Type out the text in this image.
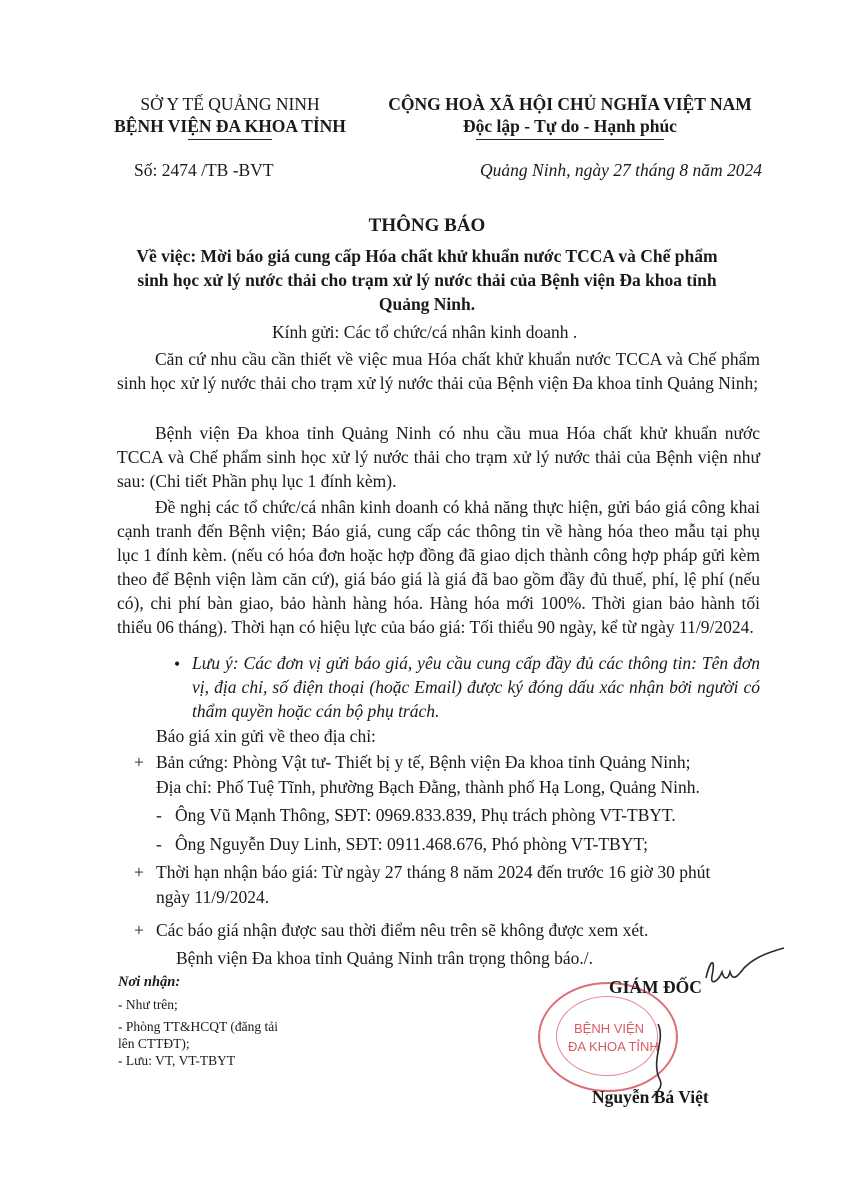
SỞ Y TẾ QUẢNG NINH
BỆNH VIỆN ĐA KHOA TỈNH
CỘNG HOÀ XÃ HỘI CHỦ NGHĨA VIỆT NAM
Độc lập - Tự do - Hạnh phúc
Số: 2474 /TB -BVT	Quảng Ninh, ngày 27 tháng 8 năm 2024
THÔNG BÁO
Về việc: Mời báo giá cung cấp Hóa chất khử khuẩn nước TCCA và Chế phẩm
sinh học xử lý nước thải cho trạm xử lý nước thải của Bệnh viện Đa khoa tỉnh
Quảng Ninh.
Kính gửi: Các tổ chức/cá nhân kinh doanh .
Căn cứ nhu cầu cần thiết về việc mua Hóa chất khử khuẩn nước TCCA và Chế phẩm sinh học xử lý nước thải cho trạm xử lý nước thải của Bệnh viện Đa khoa tỉnh Quảng Ninh;
Bệnh viện Đa khoa tỉnh Quảng Ninh có nhu cầu mua Hóa chất khử khuẩn nước TCCA và Chế phẩm sinh học xử lý nước thải cho trạm xử lý nước thải của Bệnh viện như sau: (Chi tiết Phần phụ lục 1 đính kèm).
Đề nghị các tổ chức/cá nhân kinh doanh có khả năng thực hiện, gửi báo giá công khai cạnh tranh đến Bệnh viện; Báo giá, cung cấp các thông tin về hàng hóa theo mẫu tại phụ lục 1 đính kèm. (nếu có hóa đơn hoặc hợp đồng đã giao dịch thành công hợp pháp gửi kèm theo để Bệnh viện làm căn cứ), giá báo giá là giá đã bao gồm đầy đủ thuế, phí, lệ phí (nếu có), chi phí bàn giao, bảo hành hàng hóa. Hàng hóa mới 100%. Thời gian bảo hành tối thiểu 06 tháng). Thời hạn có hiệu lực của báo giá: Tối thiểu 90 ngày, kể từ ngày 11/9/2024.
• Lưu ý: Các đơn vị gửi báo giá, yêu cầu cung cấp đầy đủ các thông tin: Tên đơn vị, địa chỉ, số điện thoại (hoặc Email) được ký đóng dấu xác nhận bởi người có thẩm quyền hoặc cán bộ phụ trách.
Báo giá xin gửi về theo địa chỉ:
+ Bản cứng: Phòng Vật tư- Thiết bị y tế, Bệnh viện Đa khoa tỉnh Quảng Ninh;
Địa chỉ: Phố Tuệ Tĩnh, phường Bạch Đằng, thành phố Hạ Long, Quảng Ninh.
- Ông Vũ Mạnh Thông, SĐT: 0969.833.839, Phụ trách phòng VT-TBYT.
- Ông Nguyễn Duy Linh, SĐT: 0911.468.676, Phó phòng VT-TBYT;
+ Thời hạn nhận báo giá: Từ ngày 27 tháng 8 năm 2024 đến trước 16 giờ 30 phút
ngày 11/9/2024.
+ Các báo giá nhận được sau thời điểm nêu trên sẽ không được xem xét.
Bệnh viện Đa khoa tỉnh Quảng Ninh trân trọng thông báo./.
Nơi nhận:
- Như trên;
- Phòng TT&HCQT (đăng tải
lên CTTĐT);
- Lưu: VT, VT-TBYT
BỆNH VIỆN
ĐA KHOA TỈNH
GIÁM ĐỐC
Nguyễn Bá Việt
